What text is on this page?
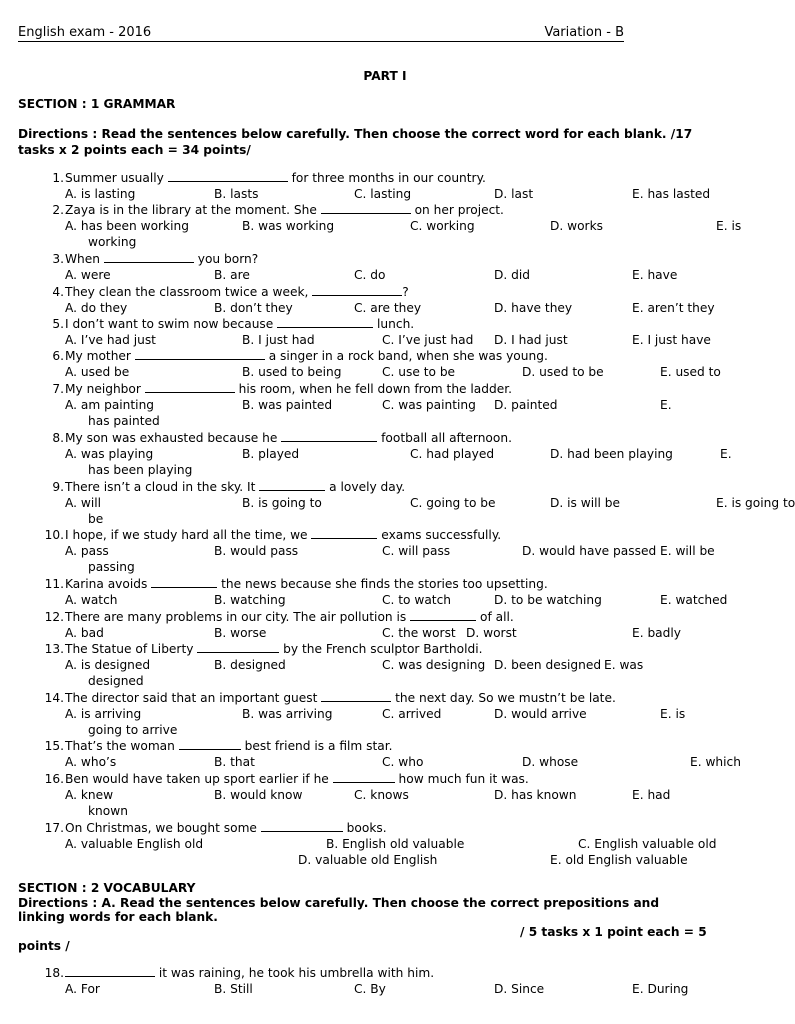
English exam - 2016	Variation - B
PART I
SECTION : 1 GRAMMAR
Directions : Read the sentences below carefully. Then choose the correct word for each blank. /17
tasks x 2 points each = 34 points/
1.Summer usually	for three months in our country.
A. is lasting	B. lasts	C. lasting	D. last	E. has lasted
2.Zaya is in the library at the moment. She	on her project.
A. has been working	B. was working	C. working	D. works	E. is
working
3.When	you born?
A. were	B. are	C. do	D. did	E. have
4.They clean the classroom twice a week,	?
A. do they	B. don’t they	C. are they	D. have they	E. aren’t they
5.I don’t want to swim now because	lunch.
A. I’ve had just	B. I just had	C. I’ve just had D. I had just	E. I just have
6.My mother	a singer in a rock band, when she was young.
A. used be	B. used to being	C. use to be	D. used to be	E. used to
7.My neighbor	his room, when he fell down from the ladder.
A. am painting	B. was painted	C. was painting D. painted	E.
has painted
8.My son was exhausted because he	football all afternoon.
A. was playing	B. played	C. had played	D. had been playing	E.
has been playing
9.There isn’t a cloud in the sky. It	a lovely day.
A. will	B. is going to	C. going to be	D. is will be	E. is going to
be
10.I hope, if we study hard all the time, we	exams successfully.
A. pass	B. would pass	C. will pass	D. would have passed E. will be
passing
11.Karina avoids	the news because she finds the stories too upsetting.
A. watch	B. watching	C. to watch	D. to be watching	E. watched
12.There are many problems in our city. The air pollution is	of all.
A. bad	B. worse	C. the worst D. worst	E. badly
13.The Statue of Liberty	by the French sculptor Bartholdi.
A. is designed	B. designed	C. was designing D. been designed E. was
designed
14.The director said that an important guest	the next day. So we mustn’t be late.
A. is arriving	B. was arriving	C. arrived	D. would arrive	E. is
going to arrive
15.That’s the woman	best friend is a film star.
A. who’s	B. that	C. who	D. whose	E. which
16.Ben would have taken up sport earlier if he	how much fun it was.
A. knew	B. would know	C. knows	D. has known	E. had
known
17.On Christmas, we bought some	books.
A. valuable English old	B. English old valuable	C. English valuable old
D. valuable old English	E. old English valuable
SECTION : 2 VOCABULARY
Directions : A. Read the sentences below carefully. Then choose the correct prepositions and
linking words for each blank.
/ 5 tasks x 1 point each = 5
points /
18.	it was raining, he took his umbrella with him.
A. For	B. Still	C. By	D. Since	E. During
